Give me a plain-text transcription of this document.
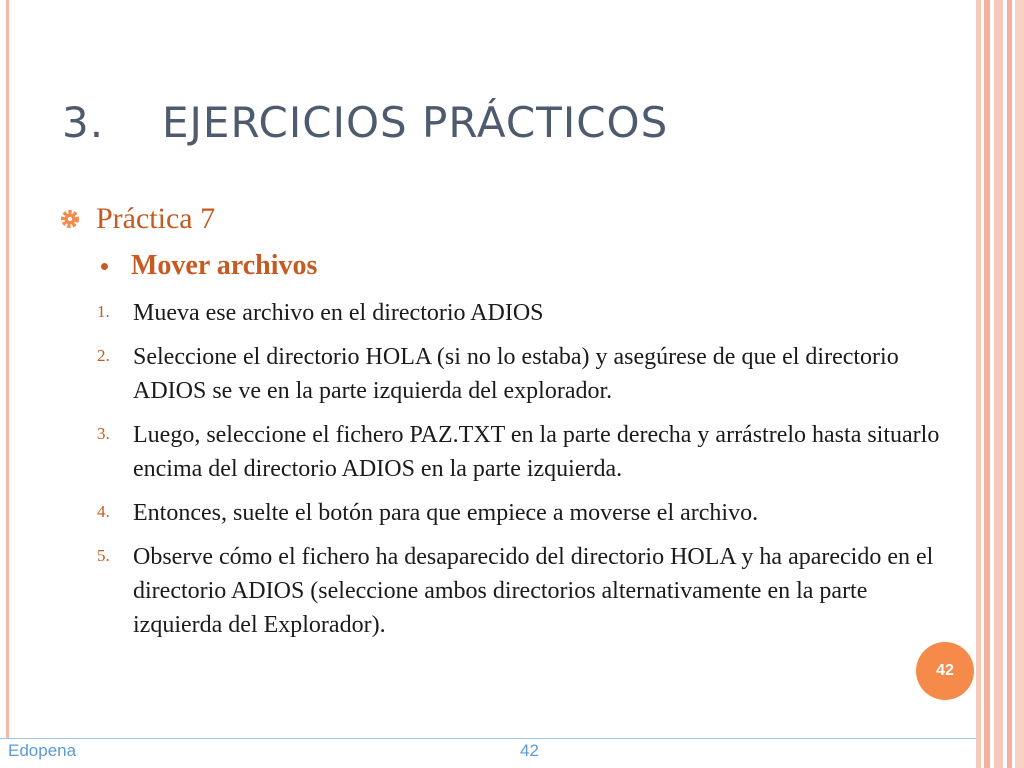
3. EJERCICIOS PRÁCTICOS
Práctica 7
Mover archivos
1. Mueva ese archivo en el directorio ADIOS
2. Seleccione el directorio HOLA (si no lo estaba) y asegúrese de que el directorio ADIOS se ve en la parte izquierda del explorador.
3. Luego, seleccione el fichero PAZ.TXT en la parte derecha y arrástrelo hasta situarlo encima del directorio ADIOS en la parte izquierda.
4. Entonces, suelte el botón para que empiece a moverse el archivo.
5. Observe cómo el fichero ha desaparecido del directorio HOLA y ha aparecido en el directorio ADIOS (seleccione ambos directorios alternativamente en la parte izquierda del Explorador).
42
Edopena	42
